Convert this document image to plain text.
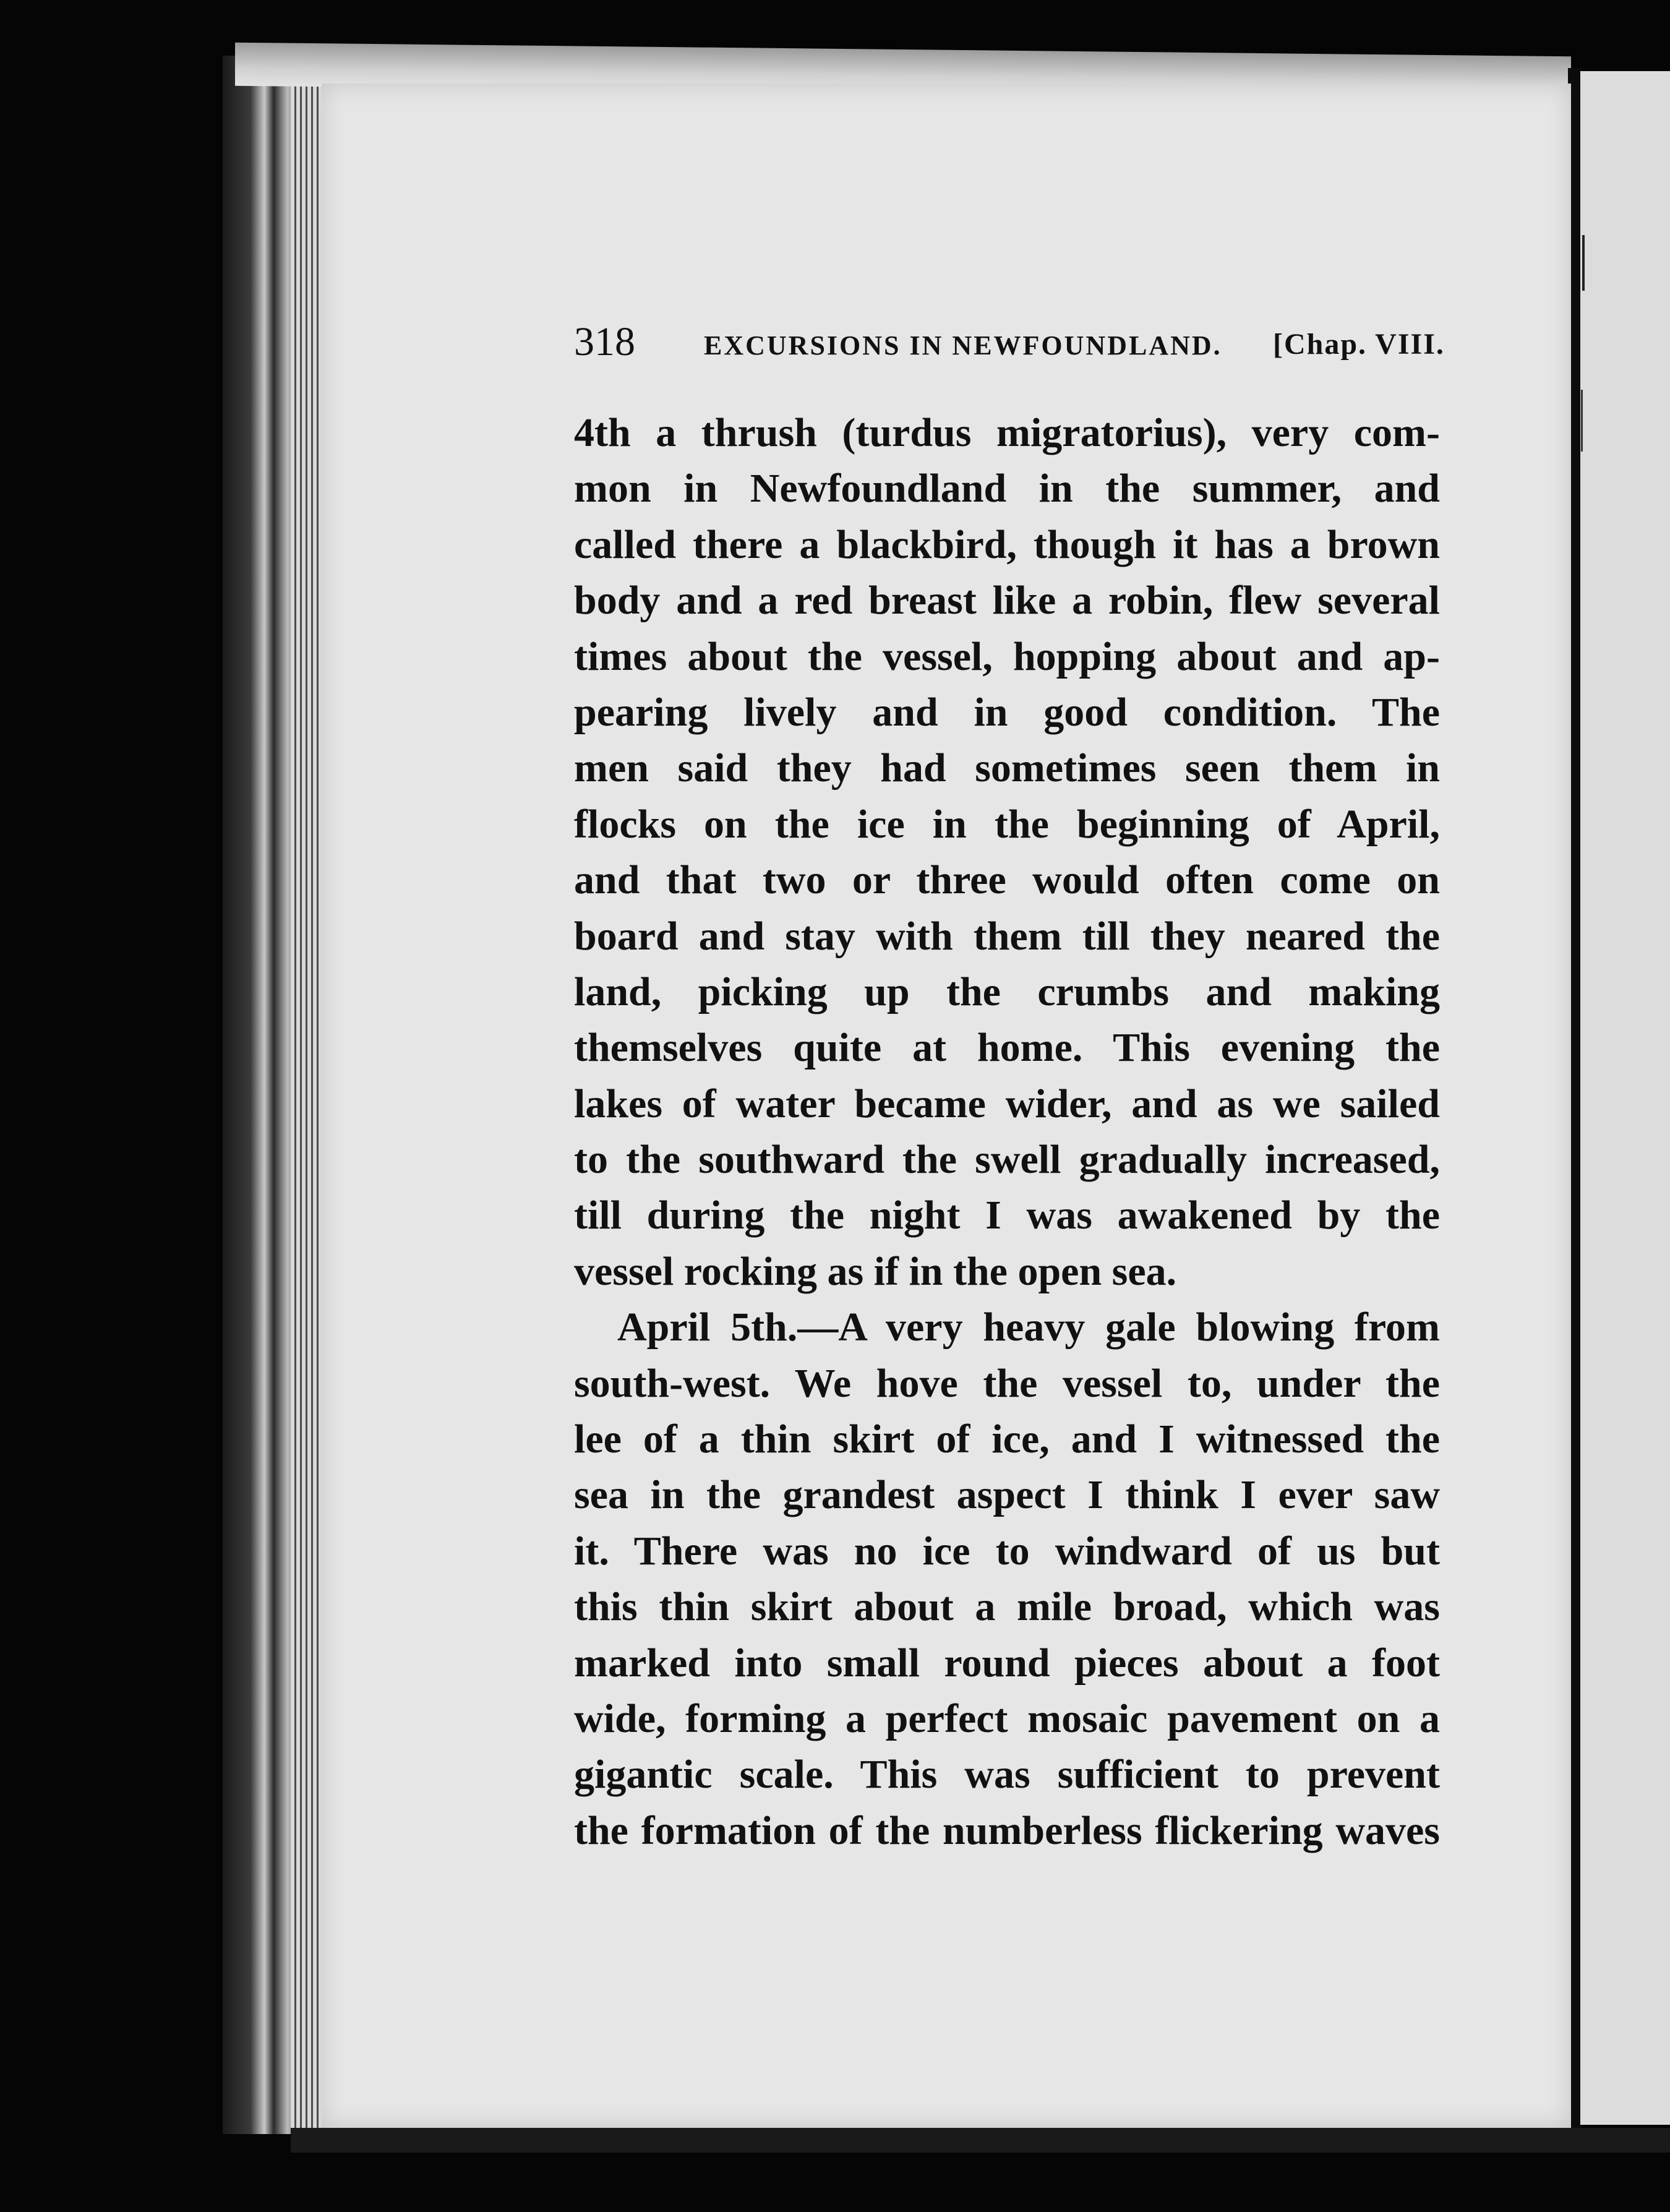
318	EXCURSIONS IN NEWFOUNDLAND. [Chap. VIII.
4th a thrush (turdus migratorius), very com-
mon in Newfoundland in the summer, and
called there a blackbird, though it has a brown
body and a red breast like a robin, flew several
times about the vessel, hopping about and ap-
pearing lively and in good condition. The
men said they had sometimes seen them in
flocks on the ice in the beginning of April,
and that two or three would often come on
board and stay with them till they neared the
land, picking up the crumbs and making
themselves quite at home. This evening the
lakes of water became wider, and as we sailed
to the southward the swell gradually increased,
till during the night I was awakened by the
vessel rocking as if in the open sea.
April 5th.—A very heavy gale blowing from
south-west. We hove the vessel to, under the
lee of a thin skirt of ice, and I witnessed the
sea in the grandest aspect I think I ever saw
it. There was no ice to windward of us but
this thin skirt about a mile broad, which was
marked into small round pieces about a foot
wide, forming a perfect mosaic pavement on a
gigantic scale. This was sufficient to prevent
the formation of the numberless flickering waves
